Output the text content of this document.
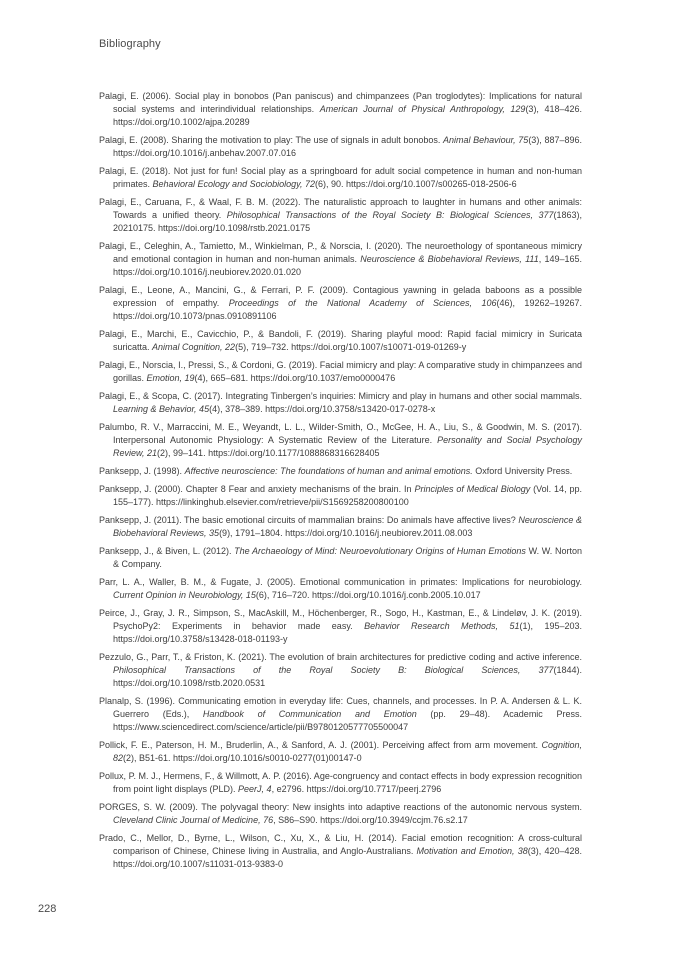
Bibliography

Palagi, E. (2006). Social play in bonobos (Pan paniscus) and chimpanzees (Pan troglodytes): Implications for natural social systems and interindividual relationships. American Journal of Physical Anthropology, 129(3), 418–426. https://doi.org/10.1002/ajpa.20289

Palagi, E. (2008). Sharing the motivation to play: The use of signals in adult bonobos. Animal Behaviour, 75(3), 887–896. https://doi.org/10.1016/j.anbehav.2007.07.016

Palagi, E. (2018). Not just for fun! Social play as a springboard for adult social competence in human and non-human primates. Behavioral Ecology and Sociobiology, 72(6), 90. https://doi.org/10.1007/s00265-018-2506-6

Palagi, E., Caruana, F., & Waal, F. B. M. (2022). The naturalistic approach to laughter in humans and other animals: Towards a unified theory. Philosophical Transactions of the Royal Society B: Biological Sciences, 377(1863), 20210175. https://doi.org/10.1098/rstb.2021.0175

Palagi, E., Celeghin, A., Tamietto, M., Winkielman, P., & Norscia, I. (2020). The neuroethology of spontaneous mimicry and emotional contagion in human and non-human animals. Neuroscience & Biobehavioral Reviews, 111, 149–165. https://doi.org/10.1016/j.neubiorev.2020.01.020

Palagi, E., Leone, A., Mancini, G., & Ferrari, P. F. (2009). Contagious yawning in gelada baboons as a possible expression of empathy. Proceedings of the National Academy of Sciences, 106(46), 19262–19267. https://doi.org/10.1073/pnas.0910891106

Palagi, E., Marchi, E., Cavicchio, P., & Bandoli, F. (2019). Sharing playful mood: Rapid facial mimicry in Suricata suricatta. Animal Cognition, 22(5), 719–732. https://doi.org/10.1007/s10071-019-01269-y

Palagi, E., Norscia, I., Pressi, S., & Cordoni, G. (2019). Facial mimicry and play: A comparative study in chimpanzees and gorillas. Emotion, 19(4), 665–681. https://doi.org/10.1037/emo0000476

Palagi, E., & Scopa, C. (2017). Integrating Tinbergen’s inquiries: Mimicry and play in humans and other social mammals. Learning & Behavior, 45(4), 378–389. https://doi.org/10.3758/s13420-017-0278-x

Palumbo, R. V., Marraccini, M. E., Weyandt, L. L., Wilder-Smith, O., McGee, H. A., Liu, S., & Goodwin, M. S. (2017). Interpersonal Autonomic Physiology: A Systematic Review of the Literature. Personality and Social Psychology Review, 21(2), 99–141. https://doi.org/10.1177/1088868316628405

Panksepp, J. (1998). Affective neuroscience: The foundations of human and animal emotions. Oxford University Press.

Panksepp, J. (2000). Chapter 8 Fear and anxiety mechanisms of the brain. In Principles of Medical Biology (Vol. 14, pp. 155–177). https://linkinghub.elsevier.com/retrieve/pii/S1569258200800100

Panksepp, J. (2011). The basic emotional circuits of mammalian brains: Do animals have affective lives? Neuroscience & Biobehavioral Reviews, 35(9), 1791–1804. https://doi.org/10.1016/j.neubiorev.2011.08.003

Panksepp, J., & Biven, L. (2012). The Archaeology of Mind: Neuroevolutionary Origins of Human Emotions W. W. Norton & Company.

Parr, L. A., Waller, B. M., & Fugate, J. (2005). Emotional communication in primates: Implications for neurobiology. Current Opinion in Neurobiology, 15(6), 716–720. https://doi.org/10.1016/j.conb.2005.10.017

Peirce, J., Gray, J. R., Simpson, S., MacAskill, M., Höchenberger, R., Sogo, H., Kastman, E., & Lindeløv, J. K. (2019). PsychoPy2: Experiments in behavior made easy. Behavior Research Methods, 51(1), 195–203. https://doi.org/10.3758/s13428-018-01193-y

Pezzulo, G., Parr, T., & Friston, K. (2021). The evolution of brain architectures for predictive coding and active inference. Philosophical Transactions of the Royal Society B: Biological Sciences, 377(1844). https://doi.org/10.1098/rstb.2020.0531

Planalp, S. (1996). Communicating emotion in everyday life: Cues, channels, and processes. In P. A. Andersen & L. K. Guerrero (Eds.), Handbook of Communication and Emotion (pp. 29–48). Academic Press. https://www.sciencedirect.com/science/article/pii/B9780120577705500047

Pollick, F. E., Paterson, H. M., Bruderlin, A., & Sanford, A. J. (2001). Perceiving affect from arm movement. Cognition, 82(2), B51-61. https://doi.org/10.1016/s0010-0277(01)00147-0

Pollux, P. M. J., Hermens, F., & Willmott, A. P. (2016). Age-congruency and contact effects in body expression recognition from point light displays (PLD). PeerJ, 4, e2796. https://doi.org/10.7717/peerj.2796

PORGES, S. W. (2009). The polyvagal theory: New insights into adaptive reactions of the autonomic nervous system. Cleveland Clinic Journal of Medicine, 76, S86–S90. https://doi.org/10.3949/ccjm.76.s2.17

Prado, C., Mellor, D., Byrne, L., Wilson, C., Xu, X., & Liu, H. (2014). Facial emotion recognition: A cross-cultural comparison of Chinese, Chinese living in Australia, and Anglo-Australians. Motivation and Emotion, 38(3), 420–428. https://doi.org/10.1007/s11031-013-9383-0

228
